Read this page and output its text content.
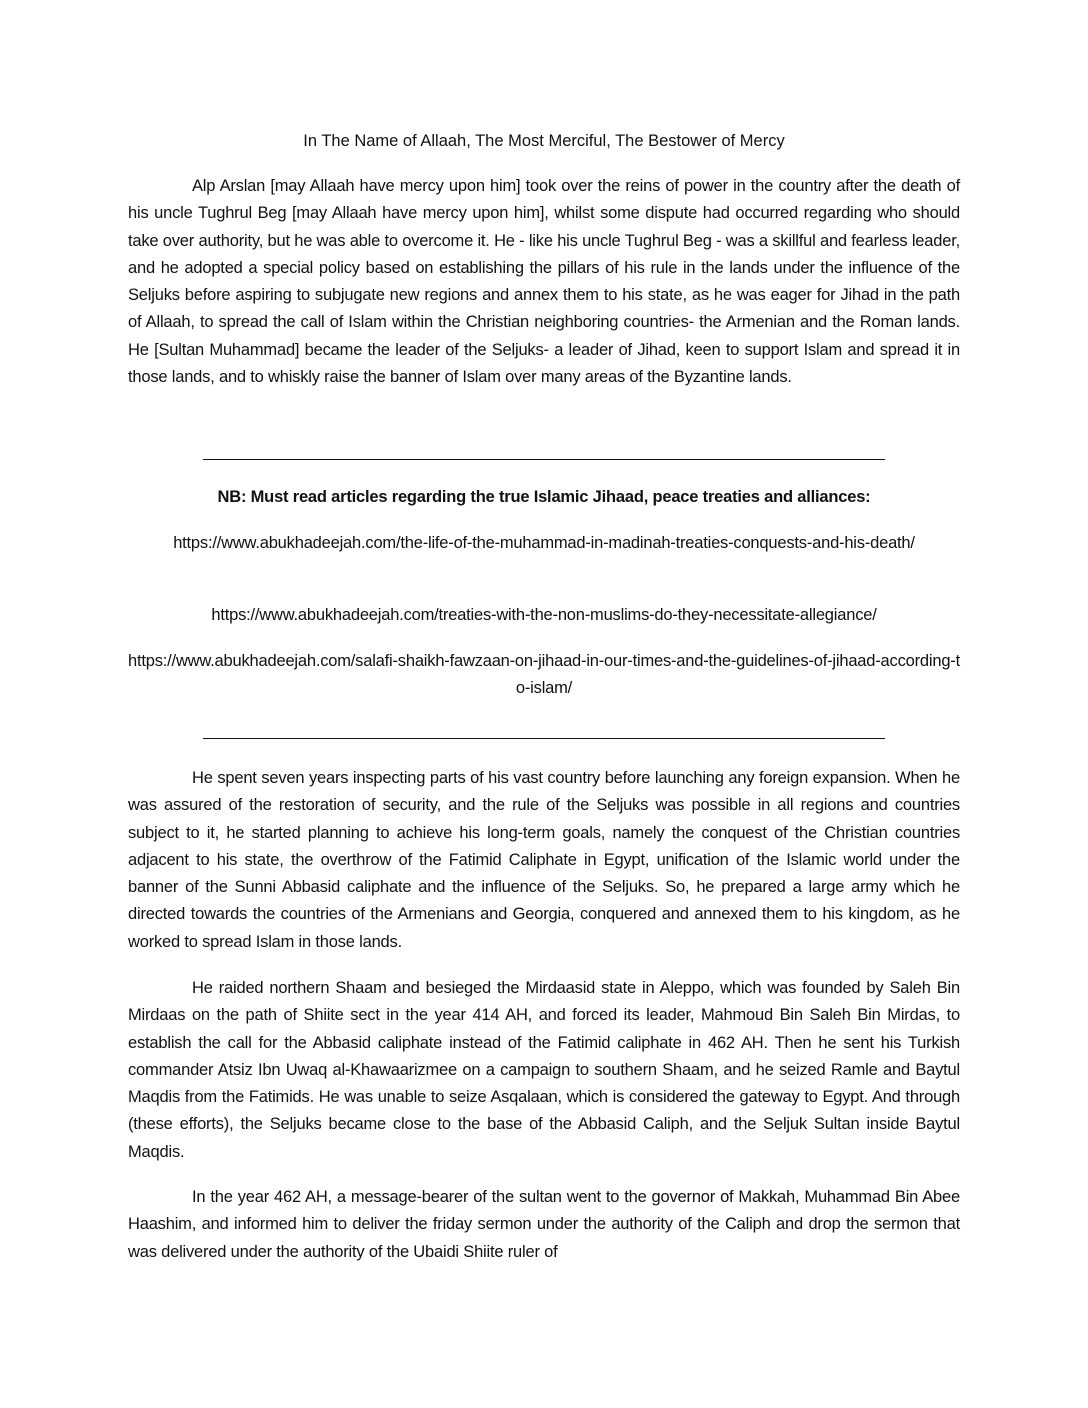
In The Name of Allaah, The Most Merciful, The Bestower of Mercy
Alp Arslan [may Allaah have mercy upon him] took over the reins of power in the country after the death of his uncle Tughrul Beg [may Allaah have mercy upon him], whilst some dispute had occurred regarding who should take over authority, but he was able to overcome it. He - like his uncle Tughrul Beg - was a skillful and fearless leader, and he adopted a special policy based on establishing the pillars of his rule in the lands under the influence of the Seljuks before aspiring to subjugate new regions and annex them to his state, as he was eager for Jihad in the path of Allaah, to spread the call of Islam within the Christian neighboring countries- the Armenian and the Roman lands. He [Sultan Muhammad] became the leader of the Seljuks- a leader of Jihad, keen to support Islam and spread it in those lands, and to whiskly raise the banner of Islam over many areas of the Byzantine lands.
NB: Must read articles regarding the true Islamic Jihaad, peace treaties and alliances:
https://www.abukhadeejah.com/the-life-of-the-muhammad-in-madinah-treaties-conquests-and-his-death/
https://www.abukhadeejah.com/treaties-with-the-non-muslims-do-they-necessitate-allegiance/
https://www.abukhadeejah.com/salafi-shaikh-fawzaan-on-jihaad-in-our-times-and-the-guidelines-of-jihaad-according-to-islam/
He spent seven years inspecting parts of his vast country before launching any foreign expansion. When he was assured of the restoration of security, and the rule of the Seljuks was possible in all regions and countries subject to it, he started planning to achieve his long-term goals, namely the conquest of the Christian countries adjacent to his state, the overthrow of the Fatimid Caliphate in Egypt, unification of the Islamic world under the banner of the Sunni Abbasid caliphate and the influence of the Seljuks. So, he prepared a large army which he directed towards the countries of the Armenians and Georgia, conquered and annexed them to his kingdom, as he worked to spread Islam in those lands.
He raided northern Shaam and besieged the Mirdaasid state in Aleppo, which was founded by Saleh Bin Mirdaas on the path of Shiite sect in the year 414 AH, and forced its leader, Mahmoud Bin Saleh Bin Mirdas, to establish the call for the Abbasid caliphate instead of the Fatimid caliphate in 462 AH. Then he sent his Turkish commander Atsiz Ibn Uwaq al-Khawaarizmee on a campaign to southern Shaam, and he seized Ramle and Baytul Maqdis from the Fatimids. He was unable to seize Asqalaan, which is considered the gateway to Egypt. And through (these efforts), the Seljuks became close to the base of the Abbasid Caliph, and the Seljuk Sultan inside Baytul Maqdis.
In the year 462 AH, a message-bearer of the sultan went to the governor of Makkah, Muhammad Bin Abee Haashim, and informed him to deliver the friday sermon under the authority of the Caliph and drop the sermon that was delivered under the authority of the Ubaidi Shiite ruler of
